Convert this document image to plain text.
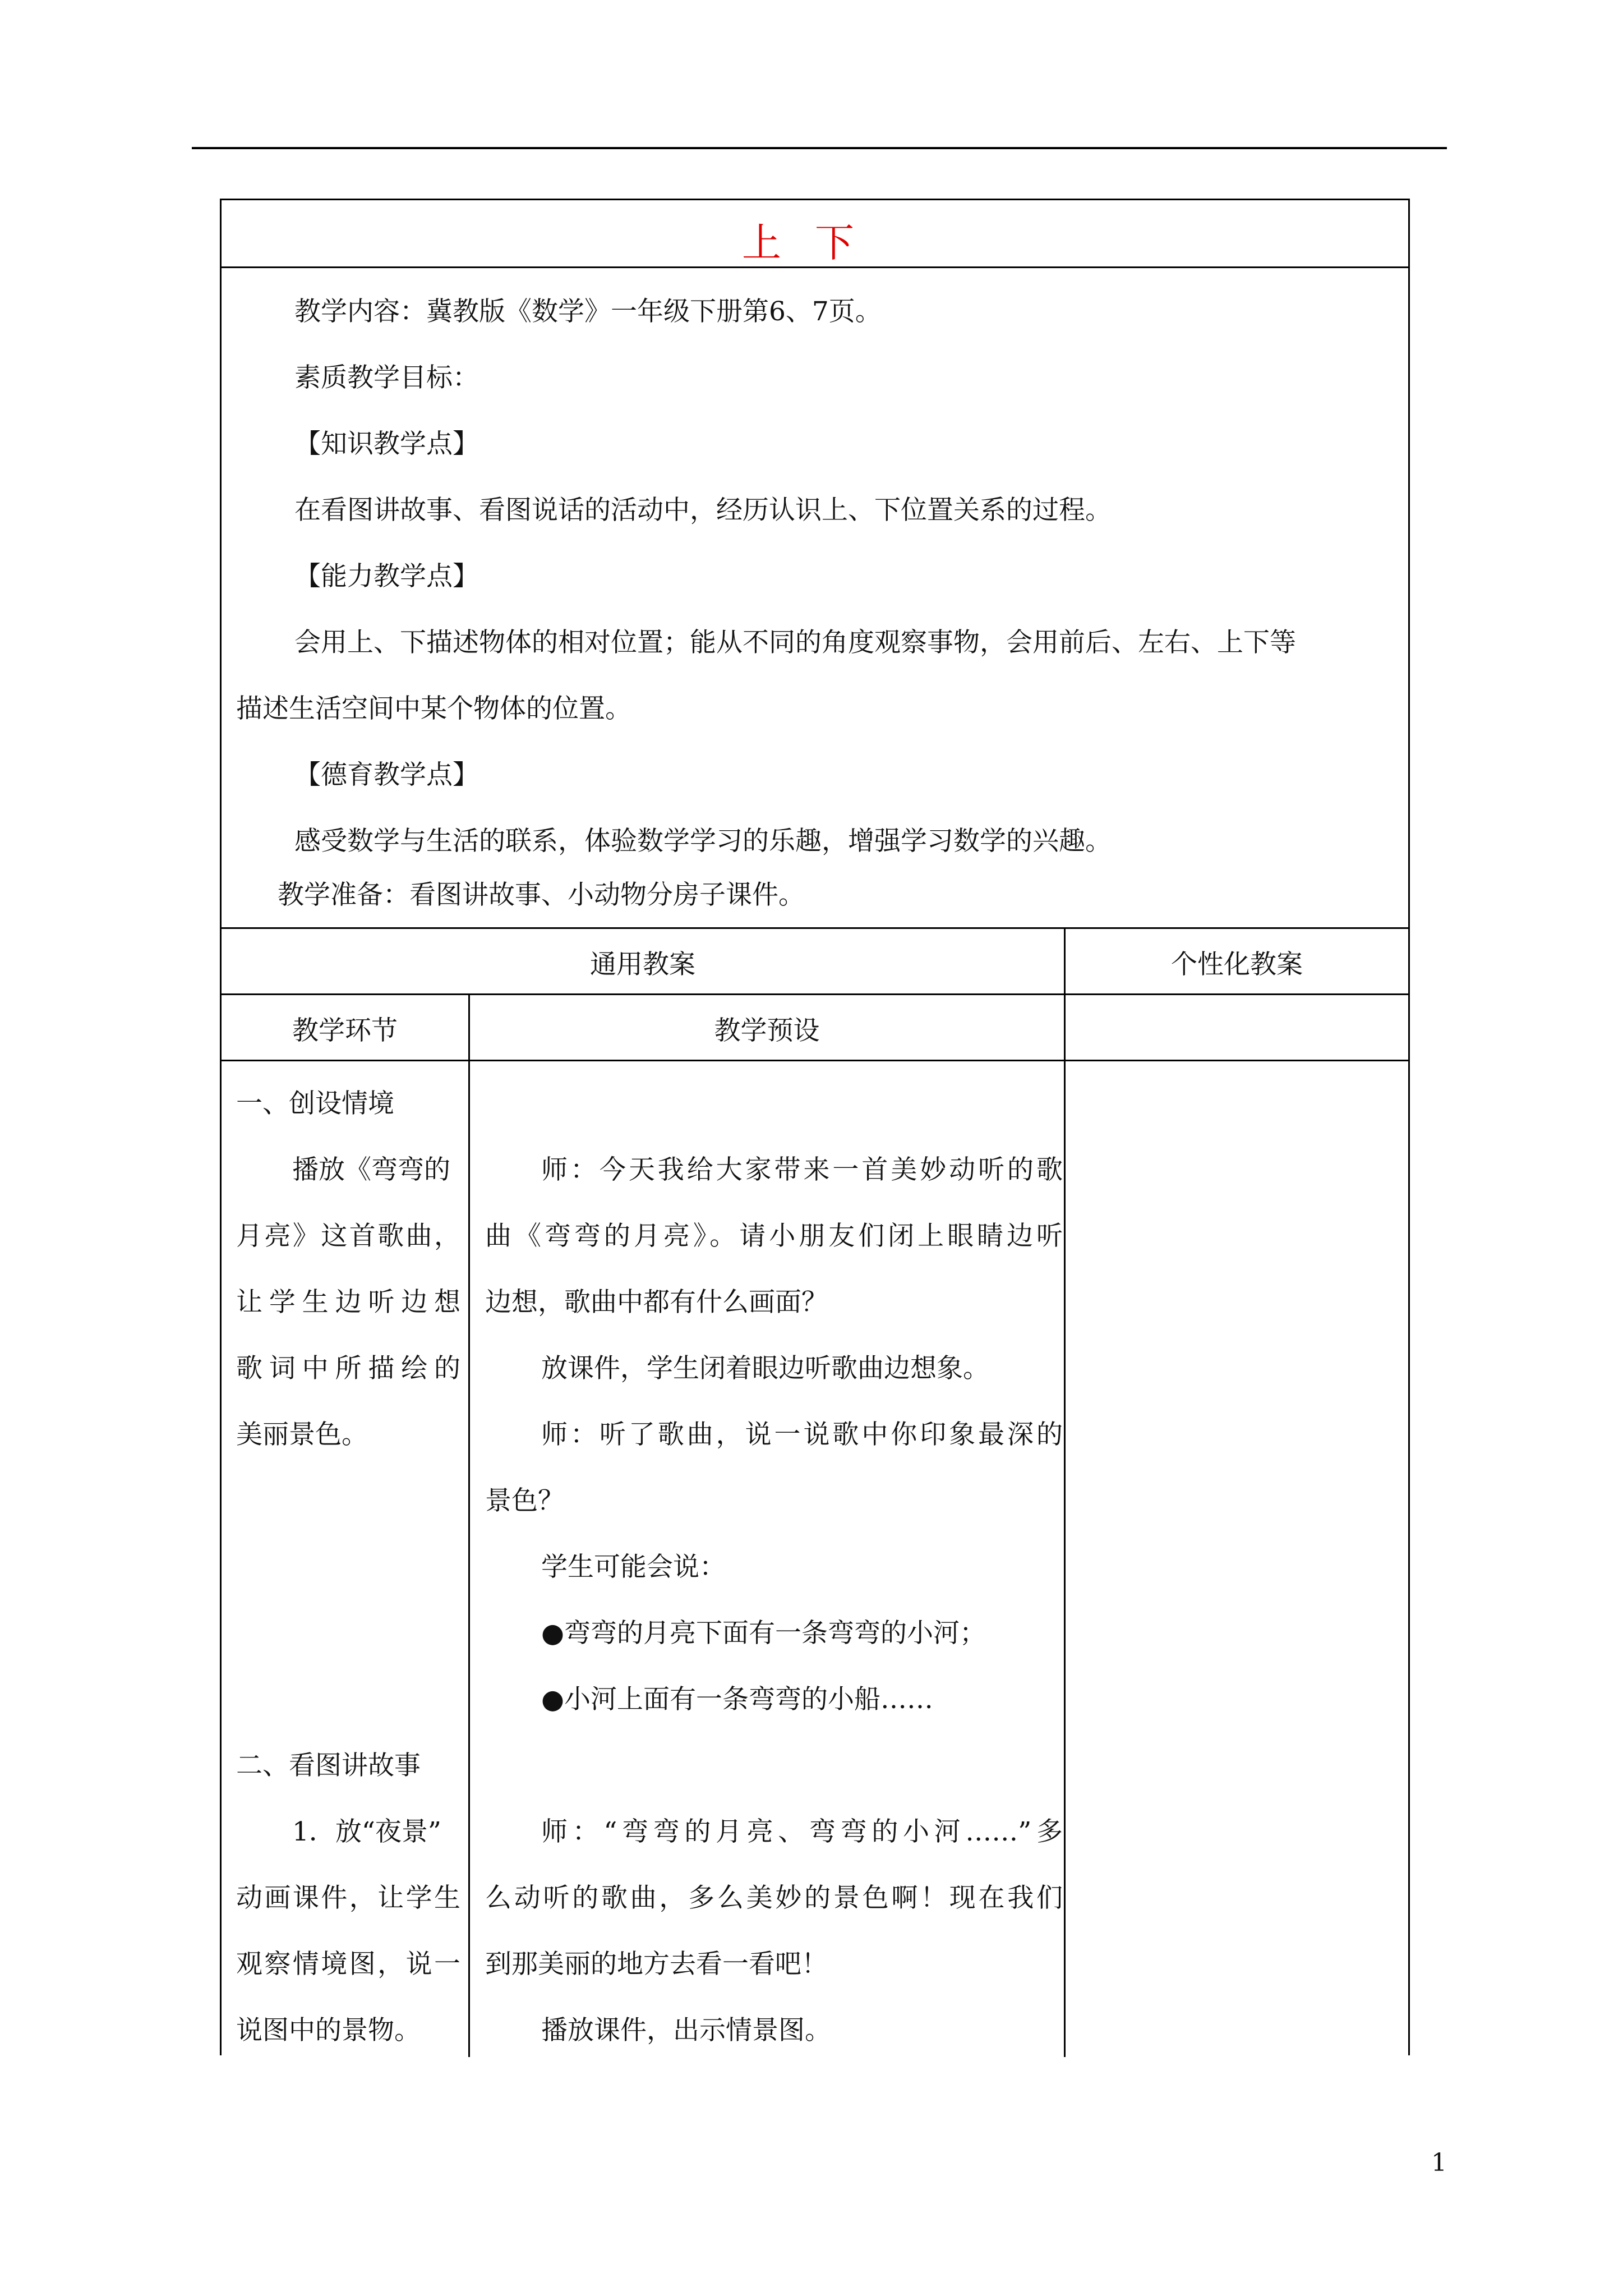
上下
教学内容：冀教版《数学》一年级下册第6、7页。
素质教学目标：
【知识教学点】
在看图讲故事、看图说话的活动中，经历认识上、下位置关系的过程。
【能力教学点】
会用上、下描述物体的相对位置；能从不同的角度观察事物，会用前后、左右、上下等
描述生活空间中某个物体的位置。
【德育教学点】
感受数学与生活的联系，体验数学学习的乐趣，增强学习数学的兴趣。
教学准备：看图讲故事、小动物分房子课件。
通用教案	个性化教案
教学环节	教学预设

一、创设情境

播放《弯弯的

月亮》这首歌曲，

让学生边听边想

歌词中所描绘的

美丽景色。

二、看图讲故事

1．放“夜景”

动画课件，让学生

观察情境图，说一

说图中的景物。

师：今天我给大家带来一首美妙动听的歌

曲《弯弯的月亮》。请小朋友们闭上眼睛边听

边想，歌曲中都有什么画面？

放课件，学生闭着眼边听歌曲边想象。

师：听了歌曲，说一说歌中你印象最深的

景色？

学生可能会说：

●弯弯的月亮下面有一条弯弯的小河；

●小河上面有一条弯弯的小船……

师：“弯弯的月亮、弯弯的小河……”多

么动听的歌曲，多么美妙的景色啊！现在我们

到那美丽的地方去看一看吧！

播放课件，出示情景图。

1
